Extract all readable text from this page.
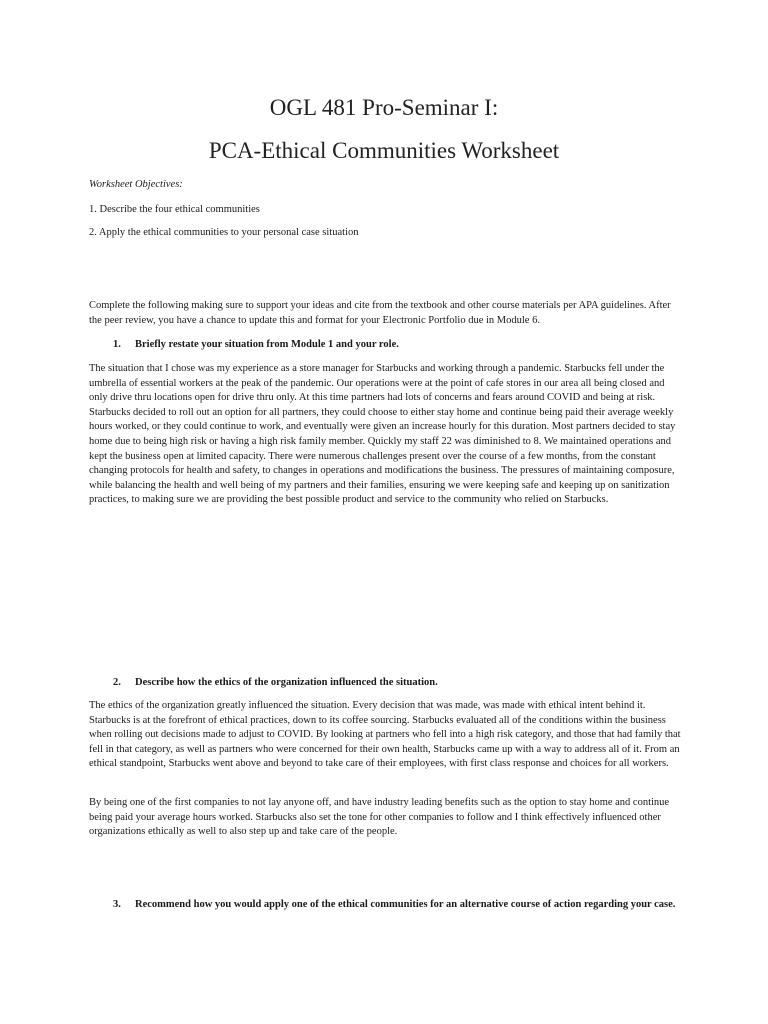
OGL 481 Pro-Seminar I:
PCA-Ethical Communities Worksheet

Worksheet Objectives:

1. Describe the four ethical communities

2. Apply the ethical communities to your personal case situation

Complete the following making sure to support your ideas and cite from the textbook and other course materials per APA guidelines. After the peer review, you have a chance to update this and format for your Electronic Portfolio due in Module 6.

1.	Briefly restate your situation from Module 1 and your role.

The situation that I chose was my experience as a store manager for Starbucks and working through a pandemic. Starbucks fell under the umbrella of essential workers at the peak of the pandemic. Our operations were at the point of cafe stores in our area all being closed and only drive thru locations open for drive thru only. At this time partners had lots of concerns and fears around COVID and being at risk. Starbucks decided to roll out an option for all partners, they could choose to either stay home and continue being paid their average weekly hours worked, or they could continue to work, and eventually were given an increase hourly for this duration. Most partners decided to stay home due to being high risk or having a high risk family member. Quickly my staff 22 was diminished to 8. We maintained operations and kept the business open at limited capacity. There were numerous challenges present over the course of a few months, from the constant changing protocols for health and safety, to changes in operations and modifications the business. The pressures of maintaining composure, while balancing the health and well being of my partners and their families, ensuring we were keeping safe and keeping up on sanitization practices, to making sure we are providing the best possible product and service to the community who relied on Starbucks.

2.	Describe how the ethics of the organization influenced the situation.

The ethics of the organization greatly influenced the situation. Every decision that was made, was made with ethical intent behind it. Starbucks is at the forefront of ethical practices, down to its coffee sourcing. Starbucks evaluated all of the conditions within the business when rolling out decisions made to adjust to COVID. By looking at partners who fell into a high risk category, and those that had family that fell in that category, as well as partners who were concerned for their own health, Starbucks came up with a way to address all of it. From an ethical standpoint, Starbucks went above and beyond to take care of their employees, with first class response and choices for all workers.

By being one of the first companies to not lay anyone off, and have industry leading benefits such as the option to stay home and continue being paid your average hours worked. Starbucks also set the tone for other companies to follow and I think effectively influenced other organizations ethically as well to also step up and take care of the people.

3.	Recommend how you would apply one of the ethical communities for an alternative course of action regarding your case.
